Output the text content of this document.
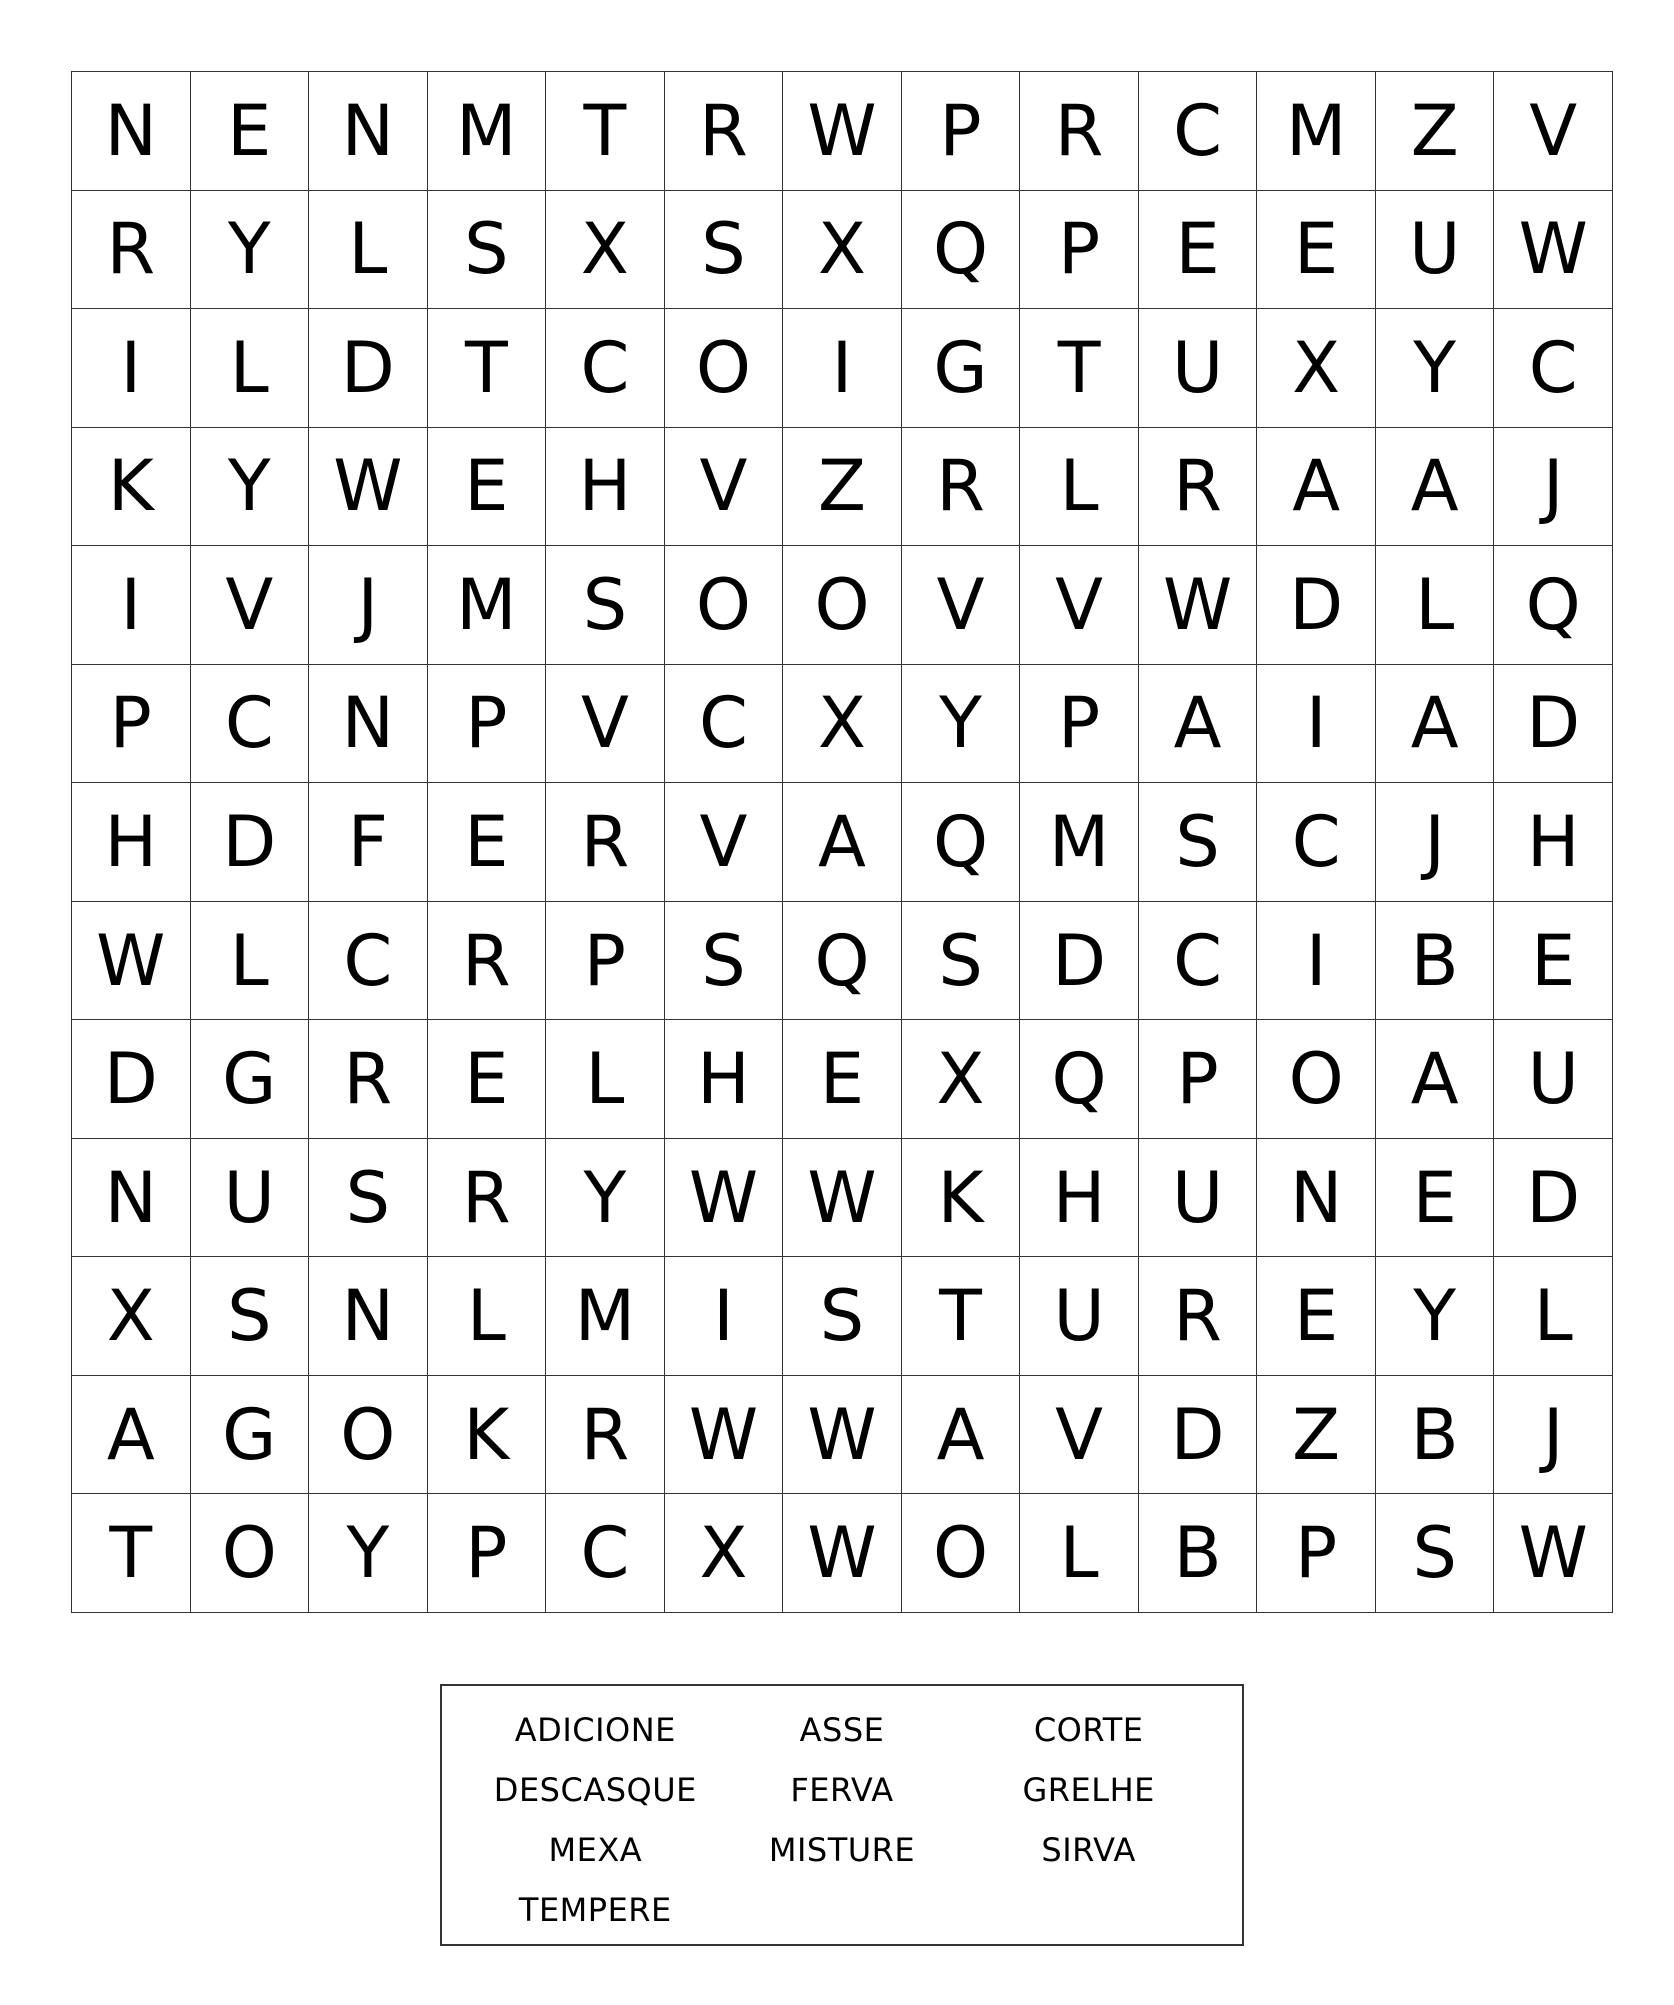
N	E	N M T	R W P	R C M Z	V
R	Y	L	S	X	S	X Q P	E	E	U W
I	L	D	T	C O	I	G	T	U X	Y	C
K	Y W E	H V	Z	R	L	R	A	A	J
I	V	J	M S O O V	V W D	L	Q
P	C N	P	V	C	X	Y	P	A	I	A D
H D	F	E	R	V	A Q M S	C	J	H
W L	C R	P	S Q S D C	I	B	E
D G R	E	L	H	E	X Q P O A U
N U	S	R	Y W W K H U N	E D
X	S	N	L M	I	S	T	U R	E	Y	L
A G O K	R W W A	V D Z	B	J
T O Y	P	C	X W O	L	B	P	S W
ADICIONE	ASSE	CORTE
DESCASQUE	FERVA	GRELHE
MEXA	MISTURE	SIRVA
TEMPERE
